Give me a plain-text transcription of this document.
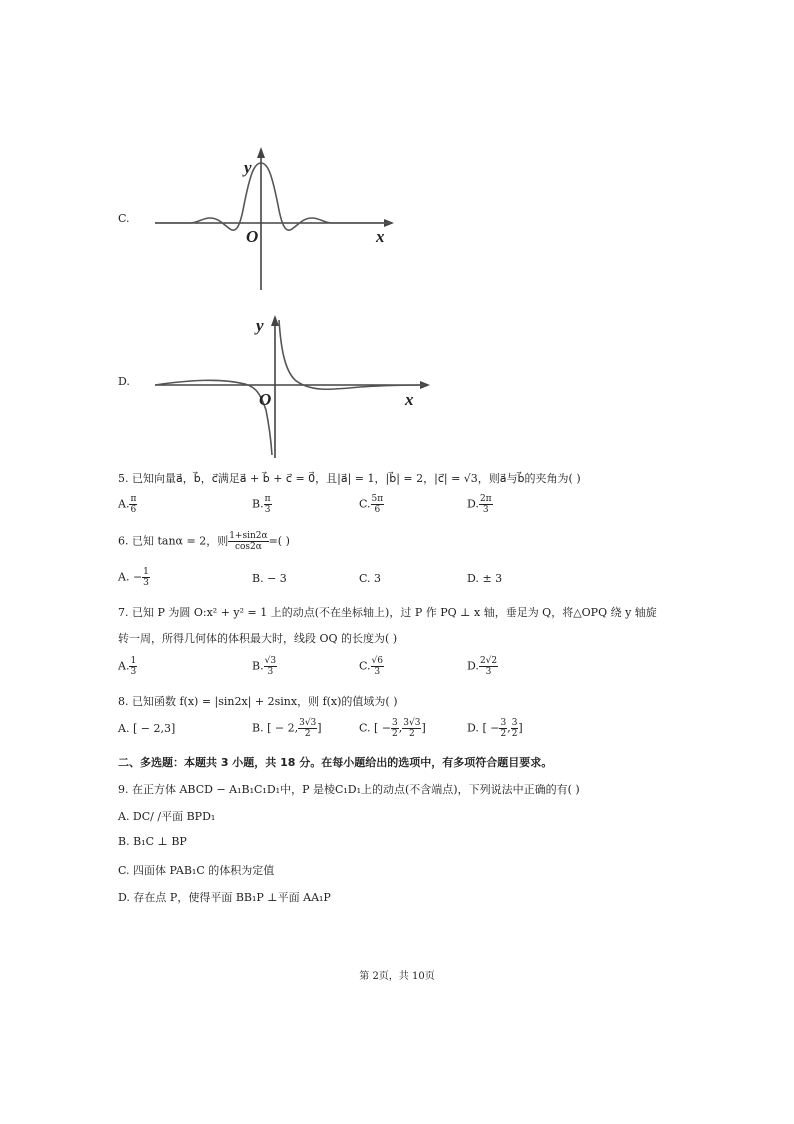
C.
y
x
O
D.
y
x
O
5. 已知向量a⃗，b⃗，c⃗满足a⃗ + b⃗ + c⃗ = 0⃗，且|a⃗| = 1，|b⃗| = 2，|c⃗| = √3，则a⃗与b⃗的夹角为( )
A. $\frac{\pi}{6}$	B. $\frac{\pi}{3}$	C. $\frac{5\pi}{6}$	D. $\frac{2\pi}{3}$
6. 已知 tanα = 2，则 $\frac{1+\sin 2\alpha}{\cos 2\alpha}$ =( )
A. − $\frac{1}{3}$	B. − 3	C. 3	D. ± 3
7. 已知 P 为圆 O:x² + y² = 1 上的动点(不在坐标轴上)，过 P 作 PQ ⊥ x 轴，垂足为 Q，将△OPQ 绕 y 轴旋
转一周，所得几何体的体积最大时，线段 OQ 的长度为( )
A. $\frac{1}{3}$	B. $\frac{√3}{3}$	C. $\frac{√6}{3}$	D. $\frac{2√2}{3}$
8. 已知函数 f(x) = |sin2x| + 2sinx，则 f(x)的值域为( )
A. [ − 2,3]	B. [ − 2, $\frac{3√3}{2}$ ]	C. [ − $\frac{3}{2}$ , $\frac{3√3}{2}$ ]	D. [ − $\frac{3}{2}$ , $\frac{3}{2}$ ]
二、多选题：本题共 3 小题，共 18 分。在每小题给出的选项中，有多项符合题目要求。
9. 在正方体 ABCD − A₁B₁C₁D₁中，P 是棱C₁D₁上的动点(不含端点)，下列说法中正确的有( )
A. DC/ /平面 BPD₁
B. B₁C ⊥ BP
C. 四面体 PAB₁C 的体积为定值
D. 存在点 P，使得平面 BB₁P ⊥平面 AA₁P
第 2页，共 10页
